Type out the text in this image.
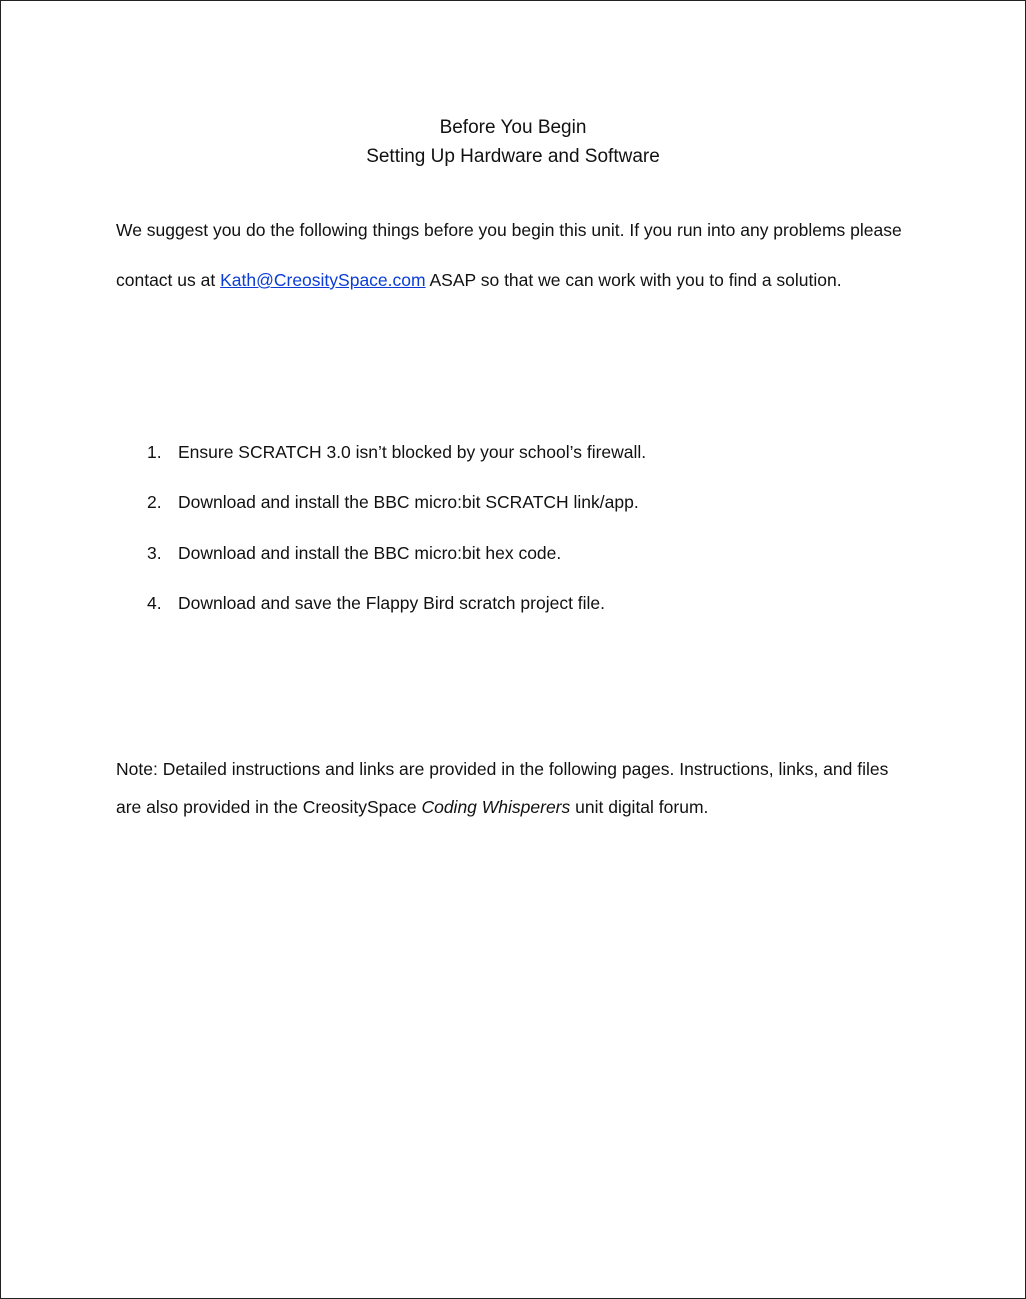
Before You Begin
Setting Up Hardware and Software

We suggest you do the following things before you begin this unit. If you run into any problems please contact us at Kath@CreositySpace.com ASAP so that we can work with you to find a solution.

1. Ensure SCRATCH 3.0 isn’t blocked by your school’s firewall.
2. Download and install the BBC micro:bit SCRATCH link/app.
3. Download and install the BBC micro:bit hex code.
4. Download and save the Flappy Bird scratch project file.

Note: Detailed instructions and links are provided in the following pages. Instructions, links, and files are also provided in the CreositySpace Coding Whisperers unit digital forum.
